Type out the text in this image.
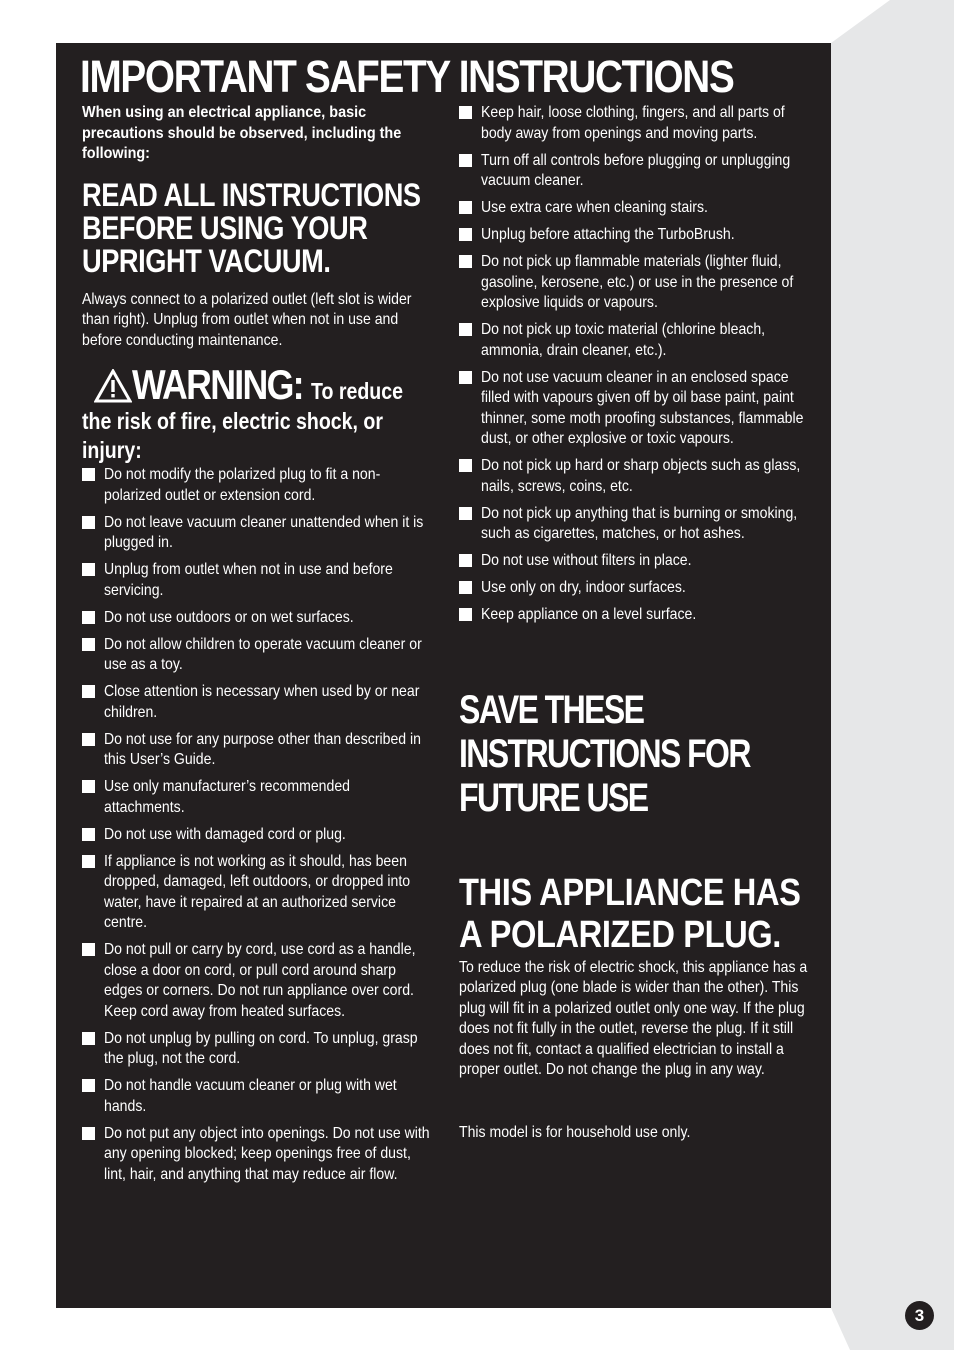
IMPORTANT SAFETY INSTRUCTIONS

When using an electrical appliance, basic precautions should be observed, including the following:

READ ALL INSTRUCTIONS BEFORE USING YOUR UPRIGHT VACUUM.

Always connect to a polarized outlet (left slot is wider than right). Unplug from outlet when not in use and before conducting maintenance.

WARNING: To reduce

the risk of fire, electric shock, or injury:

Do not modify the polarized plug to fit a non-polarized outlet or extension cord.
Do not leave vacuum cleaner unattended when it is plugged in.
Unplug from outlet when not in use and before servicing.
Do not use outdoors or on wet surfaces.
Do not allow children to operate vacuum cleaner or use as a toy.
Close attention is necessary when used by or near children.
Do not use for any purpose other than described in this User’s Guide.
Use only manufacturer’s recommended attachments.
Do not use with damaged cord or plug.
If appliance is not working as it should, has been dropped, damaged, left outdoors, or dropped into water, have it repaired at an authorized service centre.
Do not pull or carry by cord, use cord as a handle, close a door on cord, or pull cord around sharp edges or corners. Do not run appliance over cord. Keep cord away from heated surfaces.
Do not unplug by pulling on cord. To unplug, grasp the plug, not the cord.
Do not handle vacuum cleaner or plug with wet hands.
Do not put any object into openings. Do not use with any opening blocked; keep openings free of dust, lint, hair, and anything that may reduce air flow.
Keep hair, loose clothing, fingers, and all parts of body away from openings and moving parts.
Turn off all controls before plugging or unplugging vacuum cleaner.
Use extra care when cleaning stairs.
Unplug before attaching the TurboBrush.
Do not pick up flammable materials (lighter fluid, gasoline, kerosene, etc.) or use in the presence of explosive liquids or vapours.
Do not pick up toxic material (chlorine bleach, ammonia, drain cleaner, etc.).
Do not use vacuum cleaner in an enclosed space filled with vapours given off by oil base paint, paint thinner, some moth proofing substances, flammable dust, or other explosive or toxic vapours.
Do not pick up hard or sharp objects such as glass, nails, screws, coins, etc.
Do not pick up anything that is burning or smoking, such as cigarettes, matches, or hot ashes.
Do not use without filters in place.
Use only on dry, indoor surfaces.
Keep appliance on a level surface.
SAVE THESE INSTRUCTIONS FOR FUTURE USE
THIS APPLIANCE HAS A POLARIZED PLUG.

To reduce the risk of electric shock, this appliance has a polarized plug (one blade is wider than the other). This plug will fit in a polarized outlet only one way. If the plug does not fit fully in the outlet, reverse the plug. If it still does not fit, contact a qualified electrician to install a proper outlet. Do not change the plug in any way.

This model is for household use only.

3
